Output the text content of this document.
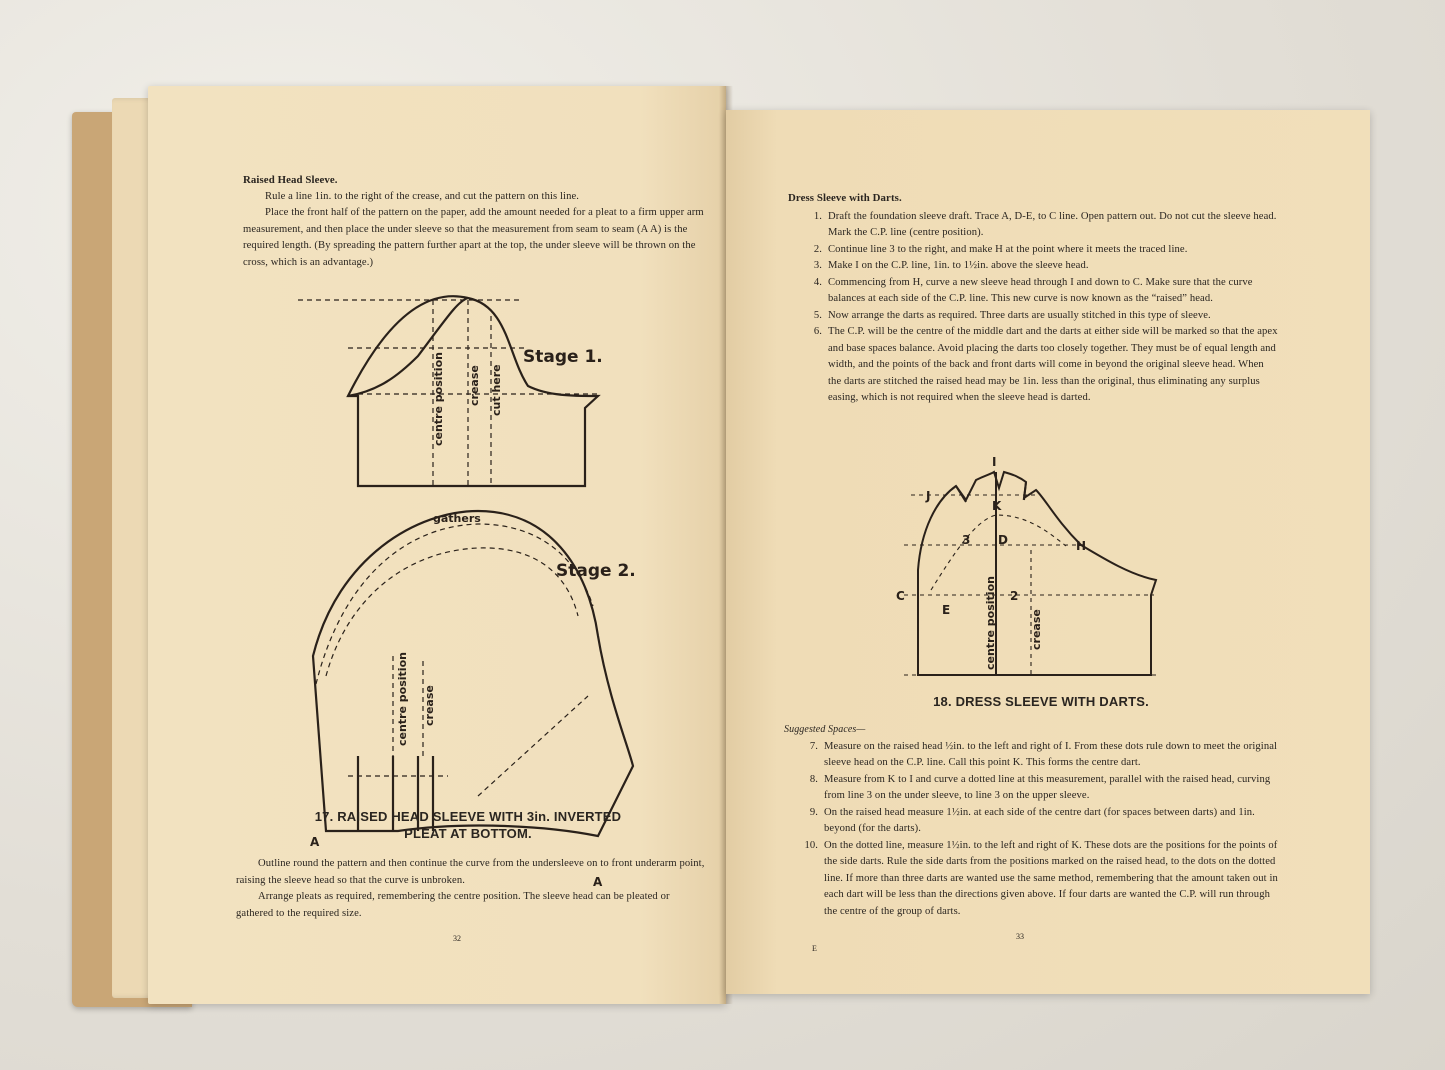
Raised Head Sleeve.

Rule a line 1in. to the right of the crease, and cut the pattern on this line.

Place the front half of the pattern on the paper, add the amount needed for a pleat to a firm upper arm measurement, and then place the under sleeve so that the measurement from seam to seam (A A) is the required length. (By spreading the pattern further apart at the top, the under sleeve will be thrown on the cross, which is an advantage.)

Stage 1.
centre position crease cut here
gathers
Stage 2.
centre position crease
A
A
17. RAISED HEAD SLEEVE WITH 3in. INVERTED PLEAT AT BOTTOM.

Outline round the pattern and then continue the curve from the undersleeve on to front underarm point, raising the sleeve head so that the curve is unbroken.

Arrange pleats as required, remembering the centre position. The sleeve head can be pleated or gathered to the required size.

32
Dress Sleeve with Darts.
1. Draft the foundation sleeve draft. Trace A, D-E, to C line. Open pattern out. Do not cut the sleeve head. Mark the C.P. line (centre position).
2. Continue line 3 to the right, and make H at the point where it meets the traced line.
3. Make I on the C.P. line, 1in. to 1½in. above the sleeve head.
4. Commencing from H, curve a new sleeve head through I and down to C. Make sure that the curve balances at each side of the C.P. line. This new curve is now known as the “raised” head.
5. Now arrange the darts as required. Three darts are usually stitched in this type of sleeve.
6. The C.P. will be the centre of the middle dart and the darts at either side will be marked so that the apex and base spaces balance. Avoid placing the darts too closely together. They must be of equal length and width, and the points of the back and front darts will come in beyond the original sleeve head. When the darts are stitched the raised head may be 1in. less than the original, thus eliminating any surplus easing, which is not required when the sleeve head is darted.
I
J
K
3 D	H
C
E
2
centre position	crease
18. DRESS SLEEVE WITH DARTS.
Suggested Spaces—
7. Measure on the raised head ½in. to the left and right of I. From these dots rule down to meet the original sleeve head on the C.P. line. Call this point K. This forms the centre dart.
8. Measure from K to I and curve a dotted line at this measurement, parallel with the raised head, curving from line 3 on the under sleeve, to line 3 on the upper sleeve.
9. On the raised head measure 1½in. at each side of the centre dart (for spaces between darts) and 1in. beyond (for the darts).
10. On the dotted line, measure 1½in. to the left and right of K. These dots are the positions for the points of the side darts. Rule the side darts from the positions marked on the raised head, to the dots on the dotted line. If more than three darts are wanted use the same method, remembering that the amount taken out in each dart will be less than the directions given above. If four darts are wanted the C.P. will run through the centre of the group of darts.
E
33
